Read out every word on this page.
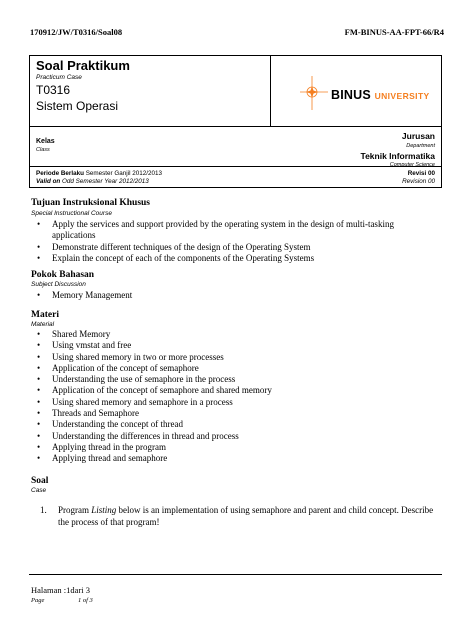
170912/JW/T0316/Soal08	FM-BINUS-AA-FPT-66/R4
Soal Praktikum
Practicum Case
T0316
Sistem Operasi
BINUS UNIVERSITY
Kelas
Class
Jurusan
Department
Teknik Informatika
Computer Science
Periode Berlaku Semester Ganjil 2012/2013
Valid on Odd Semester Year 2012/2013
Revisi 00
Revision 00
Tujuan Instruksional Khusus
Special Instructional Course
• Apply the services and support provided by the operating system in the design of multi-tasking applications
• Demonstrate different techniques of the design of the Operating System
• Explain the concept of each of the components of the Operating Systems
Pokok Bahasan
Subject Discussion
• Memory Management
Materi
Material
• Shared Memory
• Using vmstat and free
• Using shared memory in two or more processes
• Application of the concept of semaphore
• Understanding the use of semaphore in the process
• Application of the concept of semaphore and shared memory
• Using shared memory and semaphore in a process
• Threads and Semaphore
• Understanding the concept of thread
• Understanding the differences in thread and process
• Applying thread in the program
• Applying thread and semaphore
Soal
Case
1. Program Listing below is an implementation of using semaphore and parent and child concept. Describe the process of that program!
Halaman :1dari 3
Page	1 of 3
